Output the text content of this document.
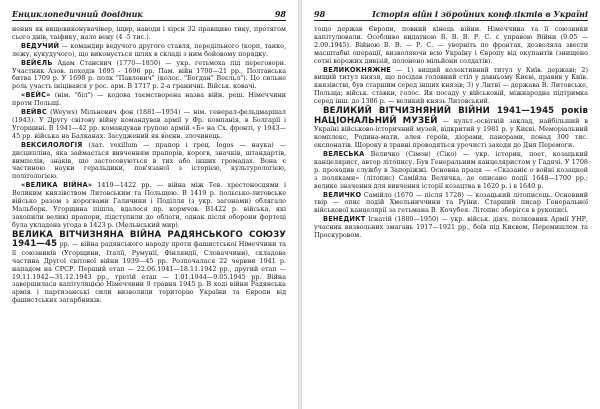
Енциклопедичний довідник	98

нення як вищевиконувачівер, іщвр, наводи і хірсн 32 правщиво тику, протягом сього днів, таіфику, нало вену (4 -5 тис.).

ВЕДУЧИЙ — командир ведучого другого ставля, передільного (корп, танко, лежу, кукудучого), що виконується шлях в складі з ним бойовому порядку.

ВЕЙЄЛЬ Адам Стансвич (1770—1850) — укр. гетьмоха під переговори. Участник Азов. походів 1695 - 1696 рр. Пам. війн 1700—21 рр., Полтавська битва 1709 р. У 1698 р. полк "Павлович" (колос. "Богдан" Веєльл"). Цо сильне роль участь ініцівався у рос. арм. В 1717 р. 2-а граничні. Військ. ковачі.

«ВЕЙС» (нім. "біл") — кодова таємстворена назва війн. реш. Німеччини проти Польщі.

ВЕЙВС (Weyws) Мільнович фон (1881—1954) — нім. генерал-фельдмаршал (1943). У Другу світову війну командував армії у Фр. компанія, в Болгарії і Угорщині. В 1941—42 рр. командував групою армій «Б» на Сх. фронті, у 1943—45 рр. війська на Балканах. Засуджений як воєнн. злочинець.

ВЕКСИЛОЛОГІЯ (лат. vexillum — прапор і грец. logos — наука) — дисципліна, яка займається вивченням прапорів, корогв, значків, штандартів, вимпелів, знаків, що застосовуються в тих або інших громадах. Вона є частиною науки геральдики, пов'язаної з історією, культурологією, політологією.

«ВЕЛИКА ВІЙНА» 1419—1422 рр. — війна між Тев. хрестоносцями і Великим князівством Литовським та Польщею. В 1419 р. польсько-литовське військо разом з корогвами Галичини і Поділля (з укр. загонами) облягало Мальборк. Угорщина пішла, вдалося пр. кормчов. В1422 р. війська, які захопили великі прапори, підступили до облоги, однак після оборони фортеці була укладена угода в 1423 р. (Мельнський мир).

ВЕЛИКА ВІТЧИЗНЯНА ВІЙНА РАДЯНСЬКОГО СОЮЗУ 1941—45 рр. — війна радянського народу проти фашистської Німеччини та її союзників (Угорщини, Італії, Румунії, Фінляндії, Словаччини), складова частина Другої світової війни 1939—45 рр. Розпочалася 22 червня 1941 р. нападом на СРСР. Перший етап — 22.06.1941—18.11.1942 рр., другий етап — 19.11.1942—31.12.1943 рр., третій етап — 1.01.1944—9.05.1945 рр. Війна завершилася капітуляцією Німеччини 9 травня 1945 р. В ході війни Радянська армія і партизанські сили визволили територію України та Європи від фашистських загарбників.

98	Історія війн і збройних конфліктів в Україні

тощо держав Європи, повний кінець війни. Німеччина та її союзники капітулювали. Особливо видатною В. В. В. Р. С. с управою Війни (9.05 — 2.09.1945). Війною В. В. — Р. С. — уверніть по фронтах, дозволяла звести масштабні операції, визволяючи всю Україну і Європу від окупантів (знищено сотні ворожих дивізій, полонено мільйони солдатів).

ВЕЛИКОКНЯЖНЕ — 1) вищий колективний титул у Київ. державі; 2) вищий титул князя, що посідав головний стіл у давньому Києві, правив у Київ. князівстві, був старшим серед інших князів; 3) у Литві — держава В. Литовське, Польща; військ. ставки, голос. Як посаду у військовій, міжнародна підтримка серед інш. до 1386 р. — великий князь Литовський.

ВЕЛИКИЙ ВІТЧИЗНЯНИЙ ВІЙНИ 1941—1945 років НАЦІОНАЛЬНИЙ МУЗЕЙ — культ.-освітній заклад, найбільший в Україні військово-історичний музей, відкритий у 1981 р. у Києві. Меморіальний комплекс, Родина-мати, алея героїв, діорами, панорами, понад 300 тис. експонатів. Щороку в травні проводяться урочисті заходи до Дня Перемоги.

ВЕЛЕСЬКА Величко (Сімон) (Сіко) — укр. історик, поет, козацький канцелярист, автор літопису. Був Генеральним канцеляристом у Гадячі. У 1708 р. проходив службу в Запоріжжі. Основна праця — «Сказаніє о войні козацкой з поляками» (літопис) Самійла Величка, де описано події 1648—1700 рр.; велике значення для вивчення історії козацтва в 1620 р. і в 1640 р.

ВЕЛИЧКО Самійло (1670 — після 1728) — козацький літописець. Основний твір — опис подій Хмельниччини та Руїни. Старший писар Генеральної військової канцелярії за гетьмана В. Кочубея. Літопис зберігся в рукописі.

ВЕНЕДИКТ Ігнатій (1880—1950) — укр. військ. діяч, полковник Армії УНР, учасник визвольних змагань 1917—1921 рр., боїв під Києвом, Перемишлем та Проскуровом.
